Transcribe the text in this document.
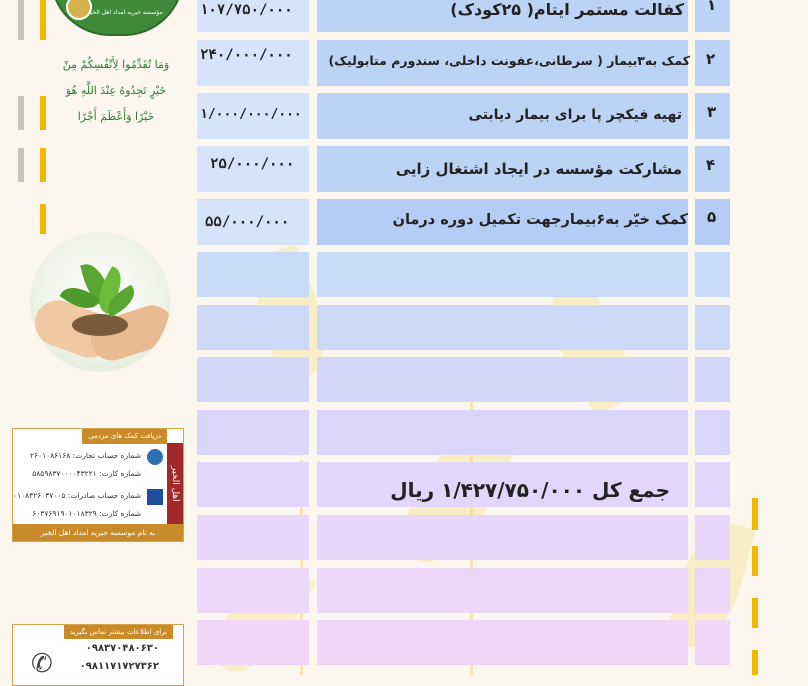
مؤسسه خیریه امداد اهل الخیر
وَمَا تُقَدِّمُوا لِأَنْفُسِكُمْ مِنْ
خَيْرٍ تَجِدُوهُ عِنْدَ اللَّهِ هُوَ
خَيْرًا وَأَعْظَمَ أَجْرًا
دریافت کمک های مردمی
اهل الخیر
شماره حساب تجارت: ۲۶۰۱۰۸۶۱۶۸
شماره کارت: ۵۸۵۹۸۳۷۰۰۰۰۴۳۲۲۱
شماره حساب صادرات: ۰۱۰۸۳۲۶۰۳۷۰۰۵
شماره کارت: ۶۰۳۷۶۹۱۹۰۱۰۱۸۳۲۹
به نام موسسه خیریه امداد اهل الخیر
برای اطلاعات بیشتر تماس بگیرید
✆
۰۹۸۳۷۰۴۸۰۶۳۰
۰۹۸۱۱۷۱۷۲۷۳۶۲
۱
کفالت مستمر ایتام( ۲۵کودک)
۱۰۷/۷۵۰/۰۰۰
۲
کمک به۳بیمار ( سرطانی،عفونت داخلی، سندورم متابولیک)
۲۴۰/۰۰۰/۰۰۰
۳
تهیه فیکچر پا برای بیمار دیابتی
۱/۰۰۰/۰۰۰/۰۰۰
۴
مشارکت مؤسسه در ایجاد اشتغال زایی
۲۵/۰۰۰/۰۰۰
۵
کمک خیّر به۶بیمارجهت تکمیل دوره درمان
۵۵/۰۰۰/۰۰۰
جمع کل ۱/۴۲۷/۷۵۰/۰۰۰ ریال
